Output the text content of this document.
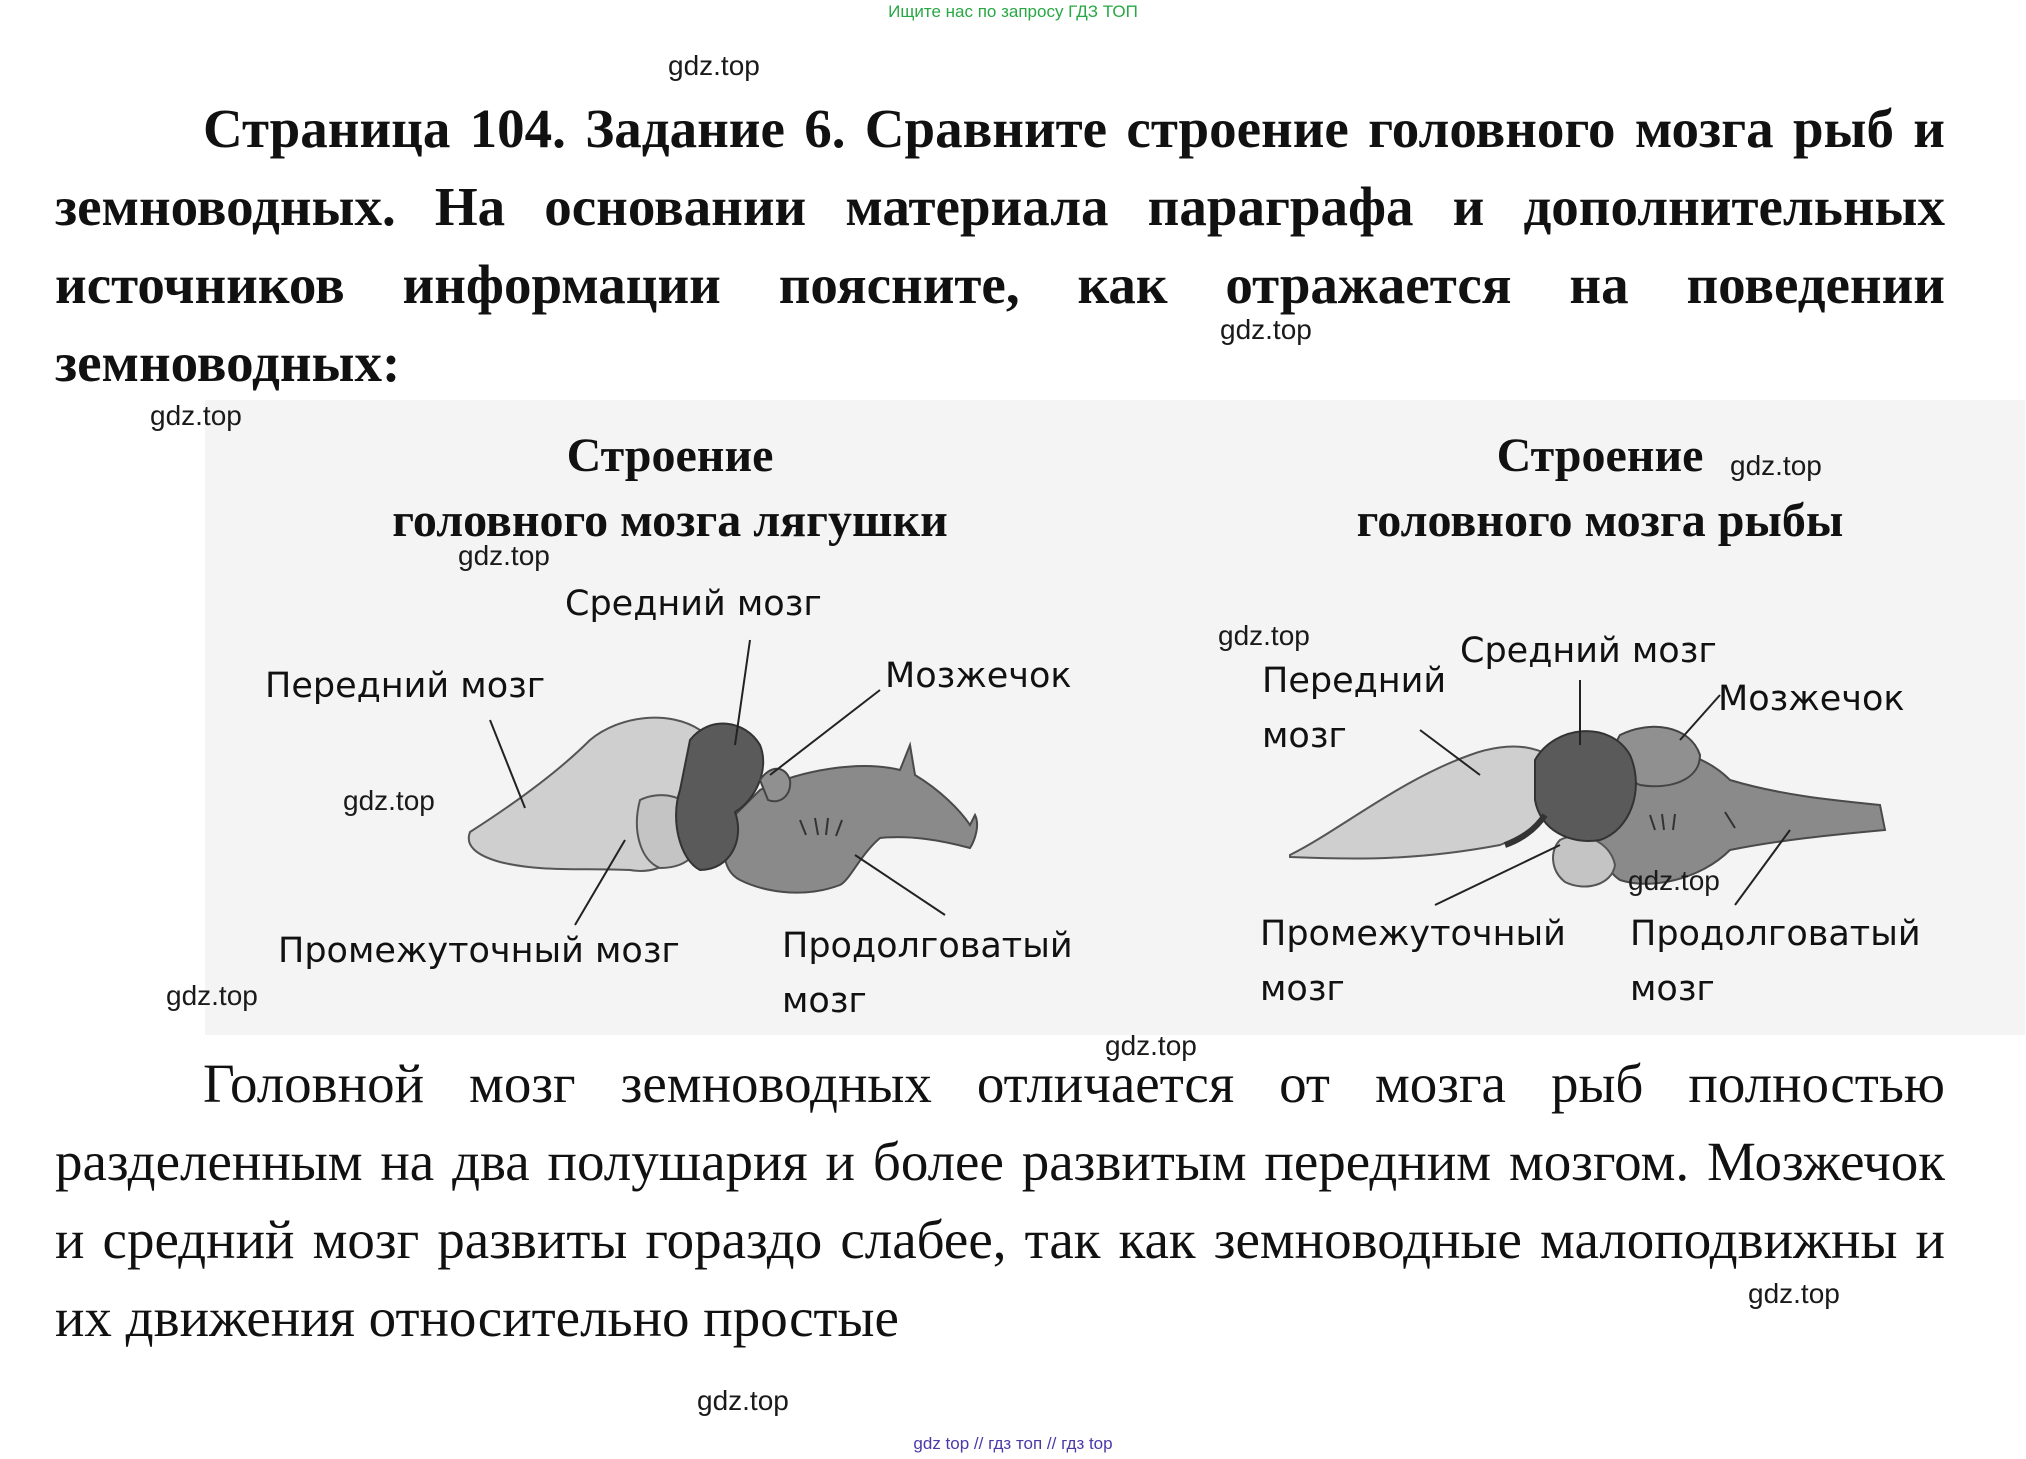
Ищите нас по запросу ГДЗ ТОП
Страница 104. Задание 6. Сравните строение головного мозга рыб и земноводных. На основании материала параграфа и дополнительных источников информации поясните, как отражается на поведении земноводных:
Строение
головного мозга лягушки
Строение
головного мозга рыбы
Средний мозг
Передний мозг	Мозжечок
Промежуточный мозг	Продолговатый
мозг
Передний
мозг
Средний мозг
Мозжечок
Промежуточный
мозг
Продолговатый
мозг
Головной мозг земноводных отличается от мозга рыб полностью разделенным на два полушария и более развитым передним мозгом. Мозжечок и средний мозг развиты гораздо слабее, так как земноводные малоподвижны и их движения относительно простые
gdz.top
gdz.top
gdz.top
gdz.top
gdz.top
gdz.top
gdz.top
gdz.top
gdz.top
gdz.top
gdz.top
gdz.top
gdz top // гдз топ // гдз top
